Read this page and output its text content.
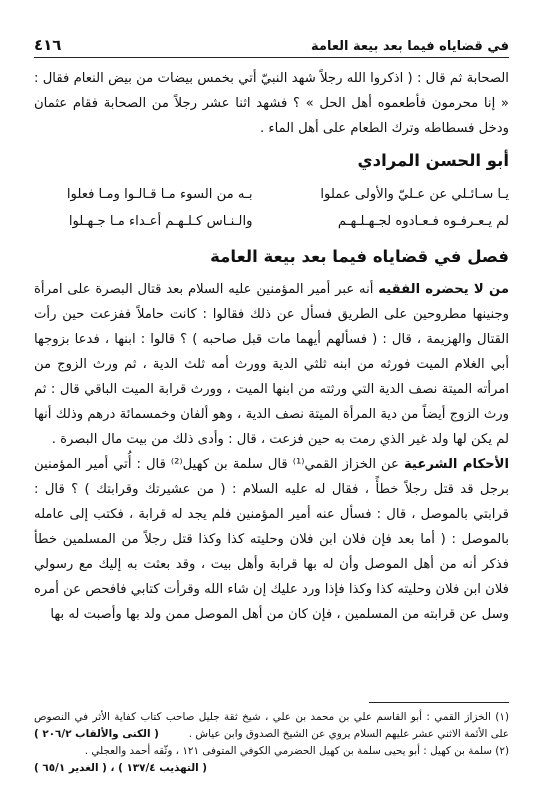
في قضاياه فيما بعد بيعة العامة
٤١٦

الصحابة ثم قال : ( اذكروا الله رجلاً شهد النبيّ أتي بخمس بيضات من بيض النعام فقال : « إنا محرمون فأطعموه أهل الحل » ؟ فشهد اثنا عشر رجلاً من الصحابة فقام عثمان ودخل فسطاطه وترك الطعام على أهل الماء .

أبو الحسن المرادي
يـا سـائـلي عن عـليّ والأولى عملوا
بـه من السوء مـا قـالـوا ومـا فعلوا
لم يـعـرفـوه فـعـادوه لجـهـلـهـم
والـنـاس كـلـهـم أعـداء مـا جـهـلوا
فصل في قضاياه فيما بعد بيعة العامة

من لا يحضره الفقيه أنه عبر أمير المؤمنين عليه السلام بعد قتال البصرة على امرأة وجنينها مطروحين على الطريق فسأل عن ذلك فقالوا : كانت حاملاً ففزعت حين رأت القتال والهزيمة ، قال : ( فسألهم أيهما مات قبل صاحبه ) ؟ قالوا : ابنها ، فدعا بزوجها أبي الغلام الميت فورثه من ابنه ثلثي الدية وورث أمه ثلث الدية ، ثم ورث الزوج من امرأته الميتة نصف الدية التي ورثته من ابنها الميت ، وورث قرابة الميت الباقي قال : ثم ورث الزوج أيضاً من دية المرأة الميتة نصف الدية ، وهو ألفان وخمسمائة درهم وذلك أنها لم يكن لها ولد غير الذي رمت به حين فزعت ، قال : وأدى ذلك من بيت مال البصرة .

الأحكام الشرعية عن الخزاز القمي⁽¹⁾ قال سلمة بن كهيل⁽²⁾ قال : أُتي أمير المؤمنين برجل قد قتل رجلاً خطأً ، فقال له عليه السلام : ( من عشيرتك وقرابتك ) ؟ قال : قرابتي بالموصل ، قال : فسأل عنه أمير المؤمنين فلم يجد له قرابة ، فكتب إلى عامله بالموصل : ( أما بعد فإن فلان ابن فلان وحليته كذا وكذا قتل رجلاً من المسلمين خطأ فذكر أنه من أهل الموصل وأن له بها قرابة وأهل بيت ، وقد بعثت به إليك مع رسولي فلان ابن فلان وحليته كذا وكذا فإذا ورد عليك إن شاء الله وقرأت كتابي فافحص عن أمره وسل عن قرابته من المسلمين ، فإن كان من أهل الموصل ممن ولد بها وأصبت له بها

(١) الخزاز القمي : أبو القاسم علي بن محمد بن علي ، شيخ ثقة جليل صاحب كتاب كفاية الأثر في النصوص على الأئمة الاثني عشر عليهم السلام يروي عن الشيخ الصدوق وابن عياش .
( الكنى والألقاب ٢٠٦/٢ )

(٢) سلمة بن كهيل : أبو يحيى سلمة بن كهيل الحضرمي الكوفي المتوفى ١٢١ ، وثّقه أحمد والعجلي .
( التهذيب ١٣٧/٤ ) ، ( الغدير ٦٥/١ )
